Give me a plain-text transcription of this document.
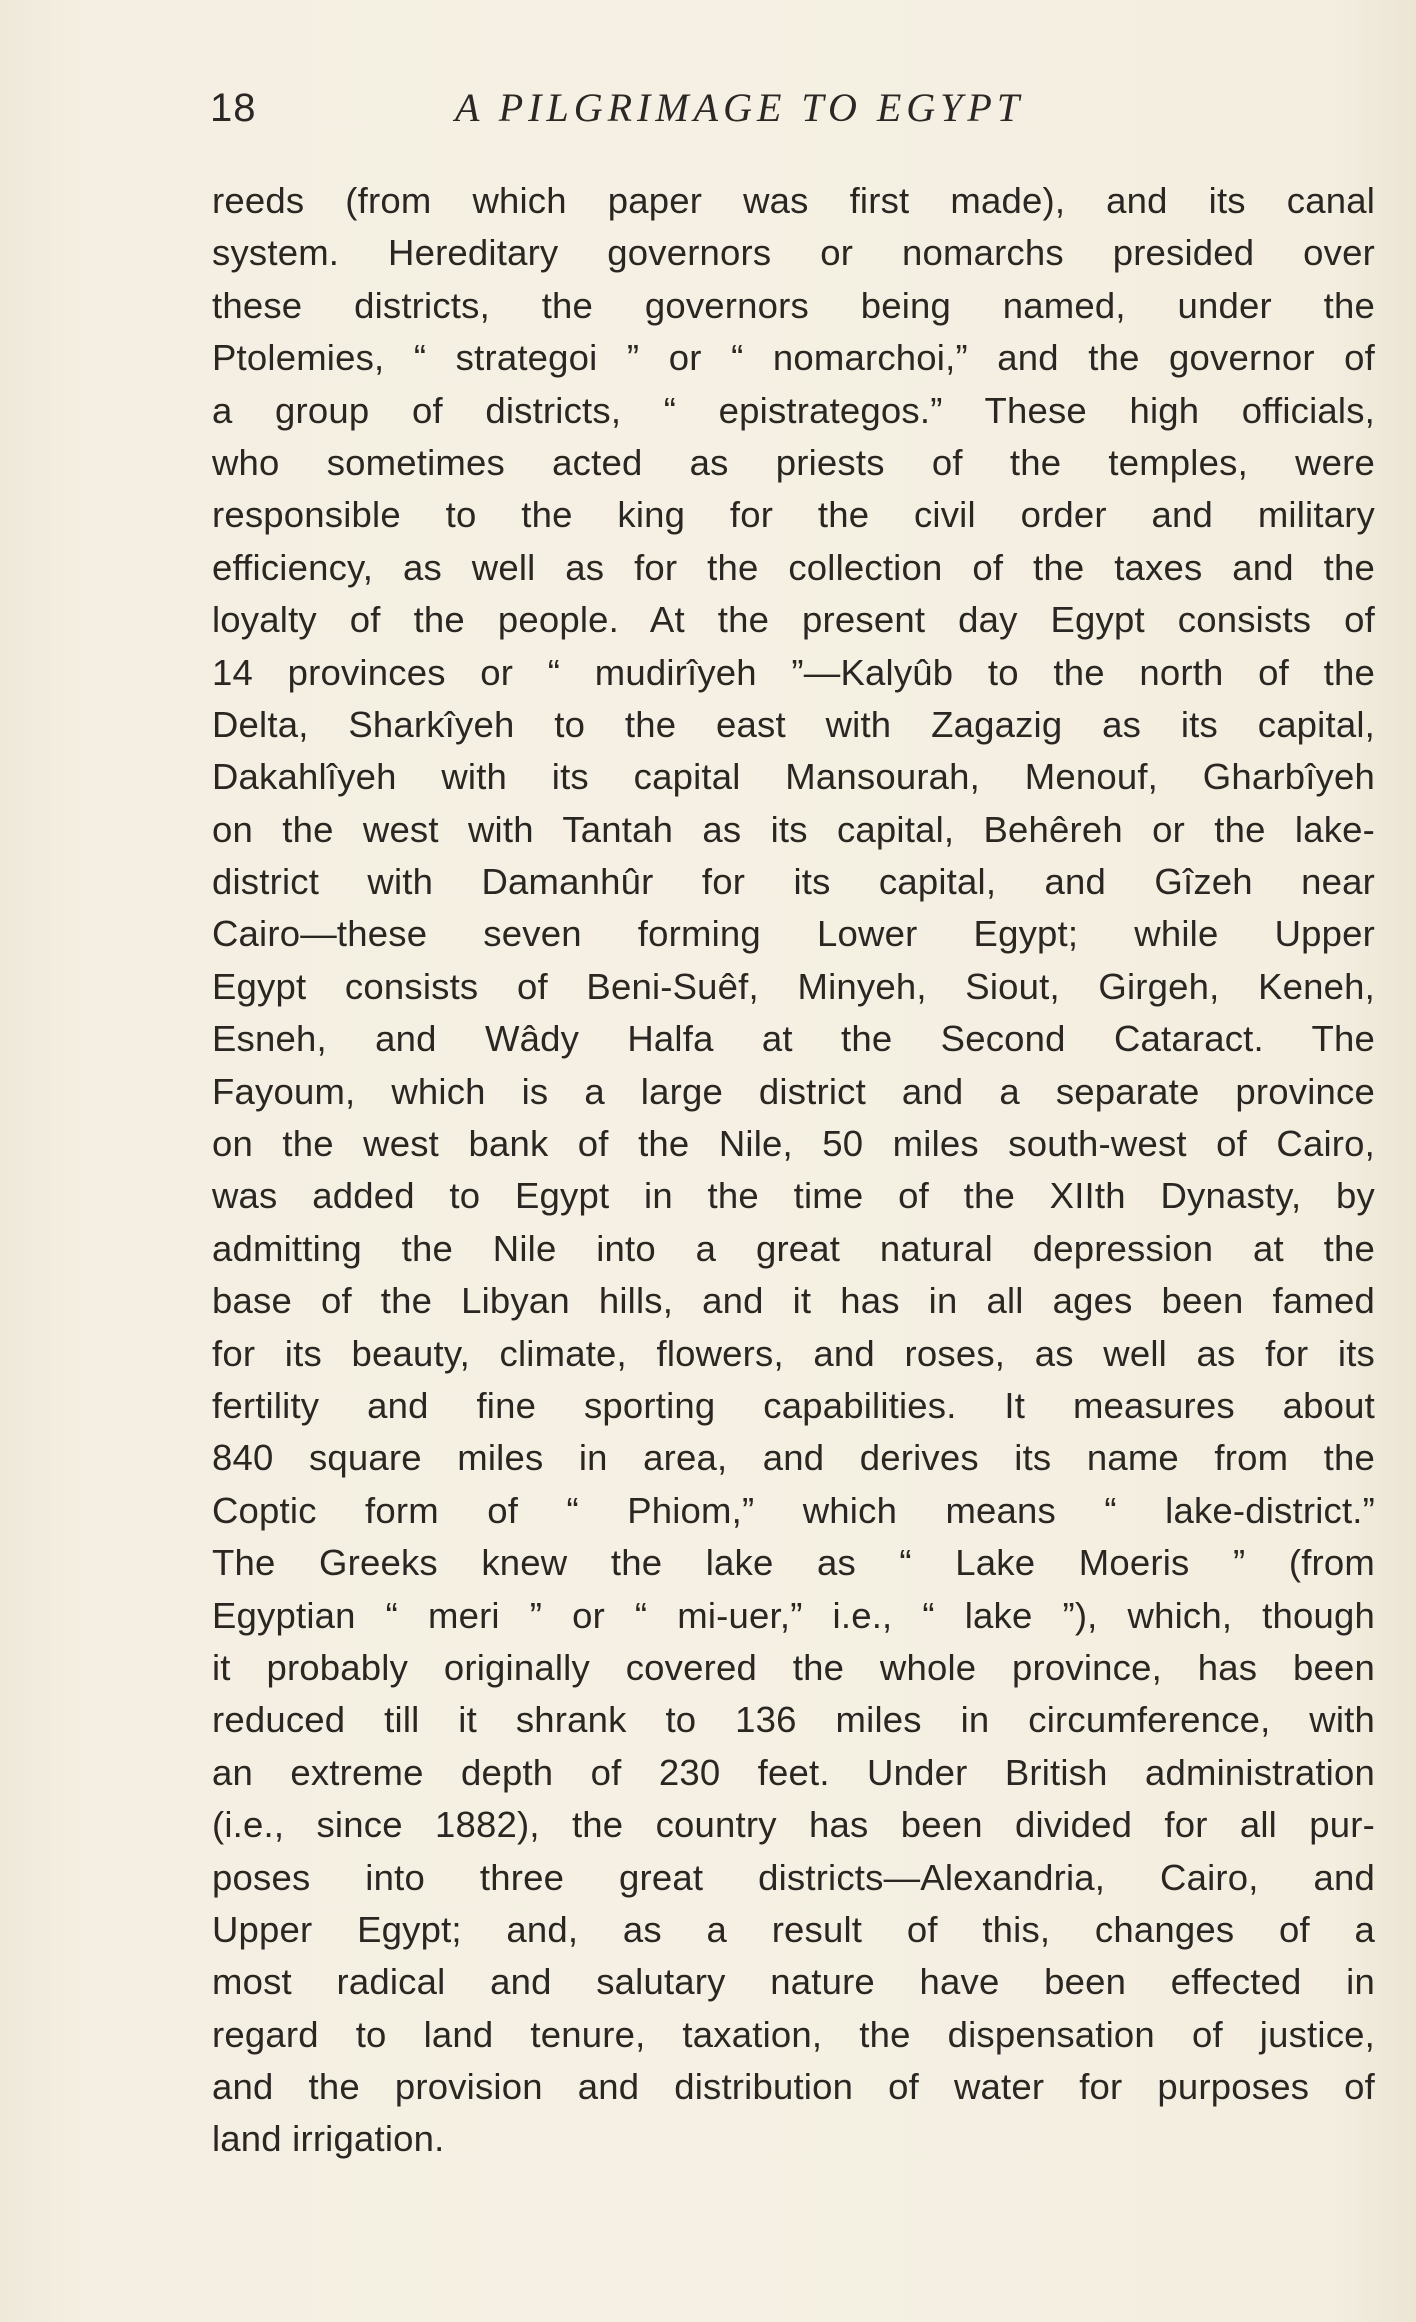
18	A PILGRIMAGE TO EGYPT
reeds (from which paper was first made), and its canal
system. Hereditary governors or nomarchs presided over
these districts, the governors being named, under the
Ptolemies, “ strategoi ” or “ nomarchoi,” and the governor of
a group of districts, “ epistrategos.” These high officials,
who sometimes acted as priests of the temples, were
responsible to the king for the civil order and military
efficiency, as well as for the collection of the taxes and the
loyalty of the people. At the present day Egypt consists of
14 provinces or “ mudirîyeh ”—Kalyûb to the north of the
Delta, Sharkîyeh to the east with Zagazig as its capital,
Dakahlîyeh with its capital Mansourah, Menouf, Gharbîyeh
on the west with Tantah as its capital, Behêreh or the lake-
district with Damanhûr for its capital, and Gîzeh near
Cairo—these seven forming Lower Egypt; while Upper
Egypt consists of Beni-Suêf, Minyeh, Siout, Girgeh, Keneh,
Esneh, and Wâdy Halfa at the Second Cataract. The
Fayoum, which is a large district and a separate province
on the west bank of the Nile, 50 miles south-west of Cairo,
was added to Egypt in the time of the XIIth Dynasty, by
admitting the Nile into a great natural depression at the
base of the Libyan hills, and it has in all ages been famed
for its beauty, climate, flowers, and roses, as well as for its
fertility and fine sporting capabilities. It measures about
840 square miles in area, and derives its name from the
Coptic form of “ Phiom,” which means “ lake-district.”
The Greeks knew the lake as “ Lake Moeris ” (from
Egyptian “ meri ” or “ mi-uer,” i.e., “ lake ”), which, though
it probably originally covered the whole province, has been
reduced till it shrank to 136 miles in circumference, with
an extreme depth of 230 feet. Under British administration
(i.e., since 1882), the country has been divided for all pur-
poses into three great districts—Alexandria, Cairo, and
Upper Egypt; and, as a result of this, changes of a
most radical and salutary nature have been effected in
regard to land tenure, taxation, the dispensation of justice,
and the provision and distribution of water for purposes of
land irrigation.
